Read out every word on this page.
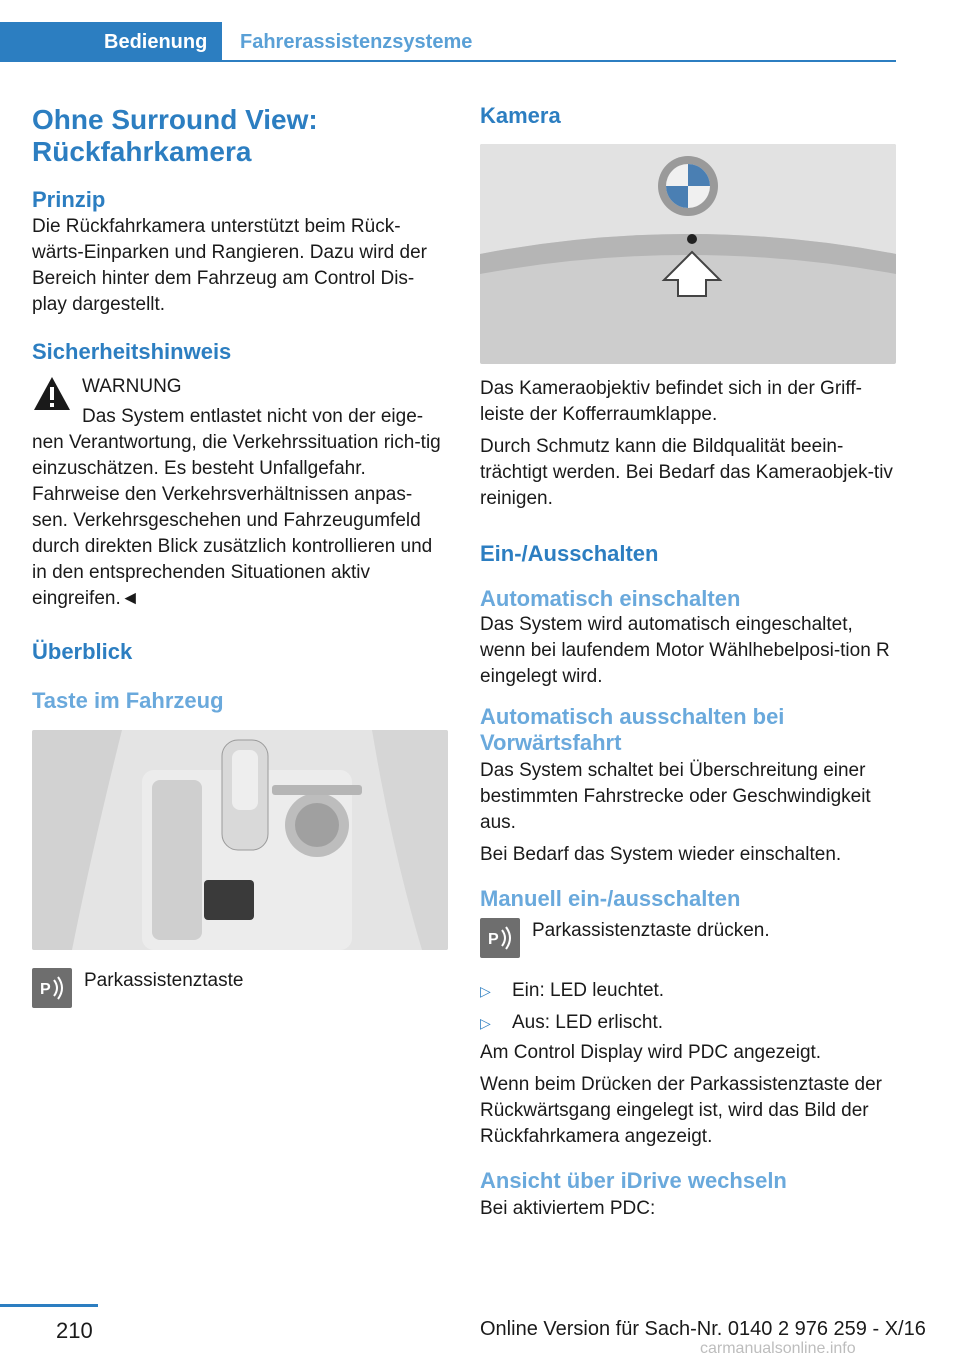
Bedienung	Fahrerassistenzsysteme
Ohne Surround View:
Rückfahrkamera
Prinzip

Die Rückfahrkamera unterstützt beim Rück‐wärts-Einparken und Rangieren. Dazu wird der Bereich hinter dem Fahrzeug am Control Dis‐play dargestellt.

Sicherheitshinweis

WARNUNG

Das System entlastet nicht von der eige‐

nen Verantwortung, die Verkehrssituation rich‐tig einzuschätzen. Es besteht Unfallgefahr. Fahrweise den Verkehrsverhältnissen anpas‐sen. Verkehrsgeschehen und Fahrzeugumfeld durch direkten Blick zusätzlich kontrollieren und in den entsprechenden Situationen aktiv eingreifen.◄

Überblick
Taste im Fahrzeug
P Parkassistenztaste

Kamera

Das Kameraobjektiv befindet sich in der Griff‐leiste der Kofferraumklappe.

Durch Schmutz kann die Bildqualität beein‐trächtigt werden. Bei Bedarf das Kameraobjek‐tiv reinigen.

Ein-/Ausschalten
Automatisch einschalten

Das System wird automatisch eingeschaltet, wenn bei laufendem Motor Wählhebelposi‐tion R eingelegt wird.

Automatisch ausschalten bei Vorwärtsfahrt

Das System schaltet bei Überschreitung einer bestimmten Fahrstrecke oder Geschwindigkeit aus.

Bei Bedarf das System wieder einschalten.

Manuell ein-/ausschalten
P Parkassistenztaste drücken.

▷	Ein: LED leuchtet.
▷	Aus: LED erlischt.

Am Control Display wird PDC angezeigt.

Wenn beim Drücken der Parkassistenztaste der Rückwärtsgang eingelegt ist, wird das Bild der Rückfahrkamera angezeigt.

Ansicht über iDrive wechseln

Bei aktiviertem PDC:

210	Online Version für Sach-Nr. 0140 2 976 259 - X/16
carmanualsonline.info
